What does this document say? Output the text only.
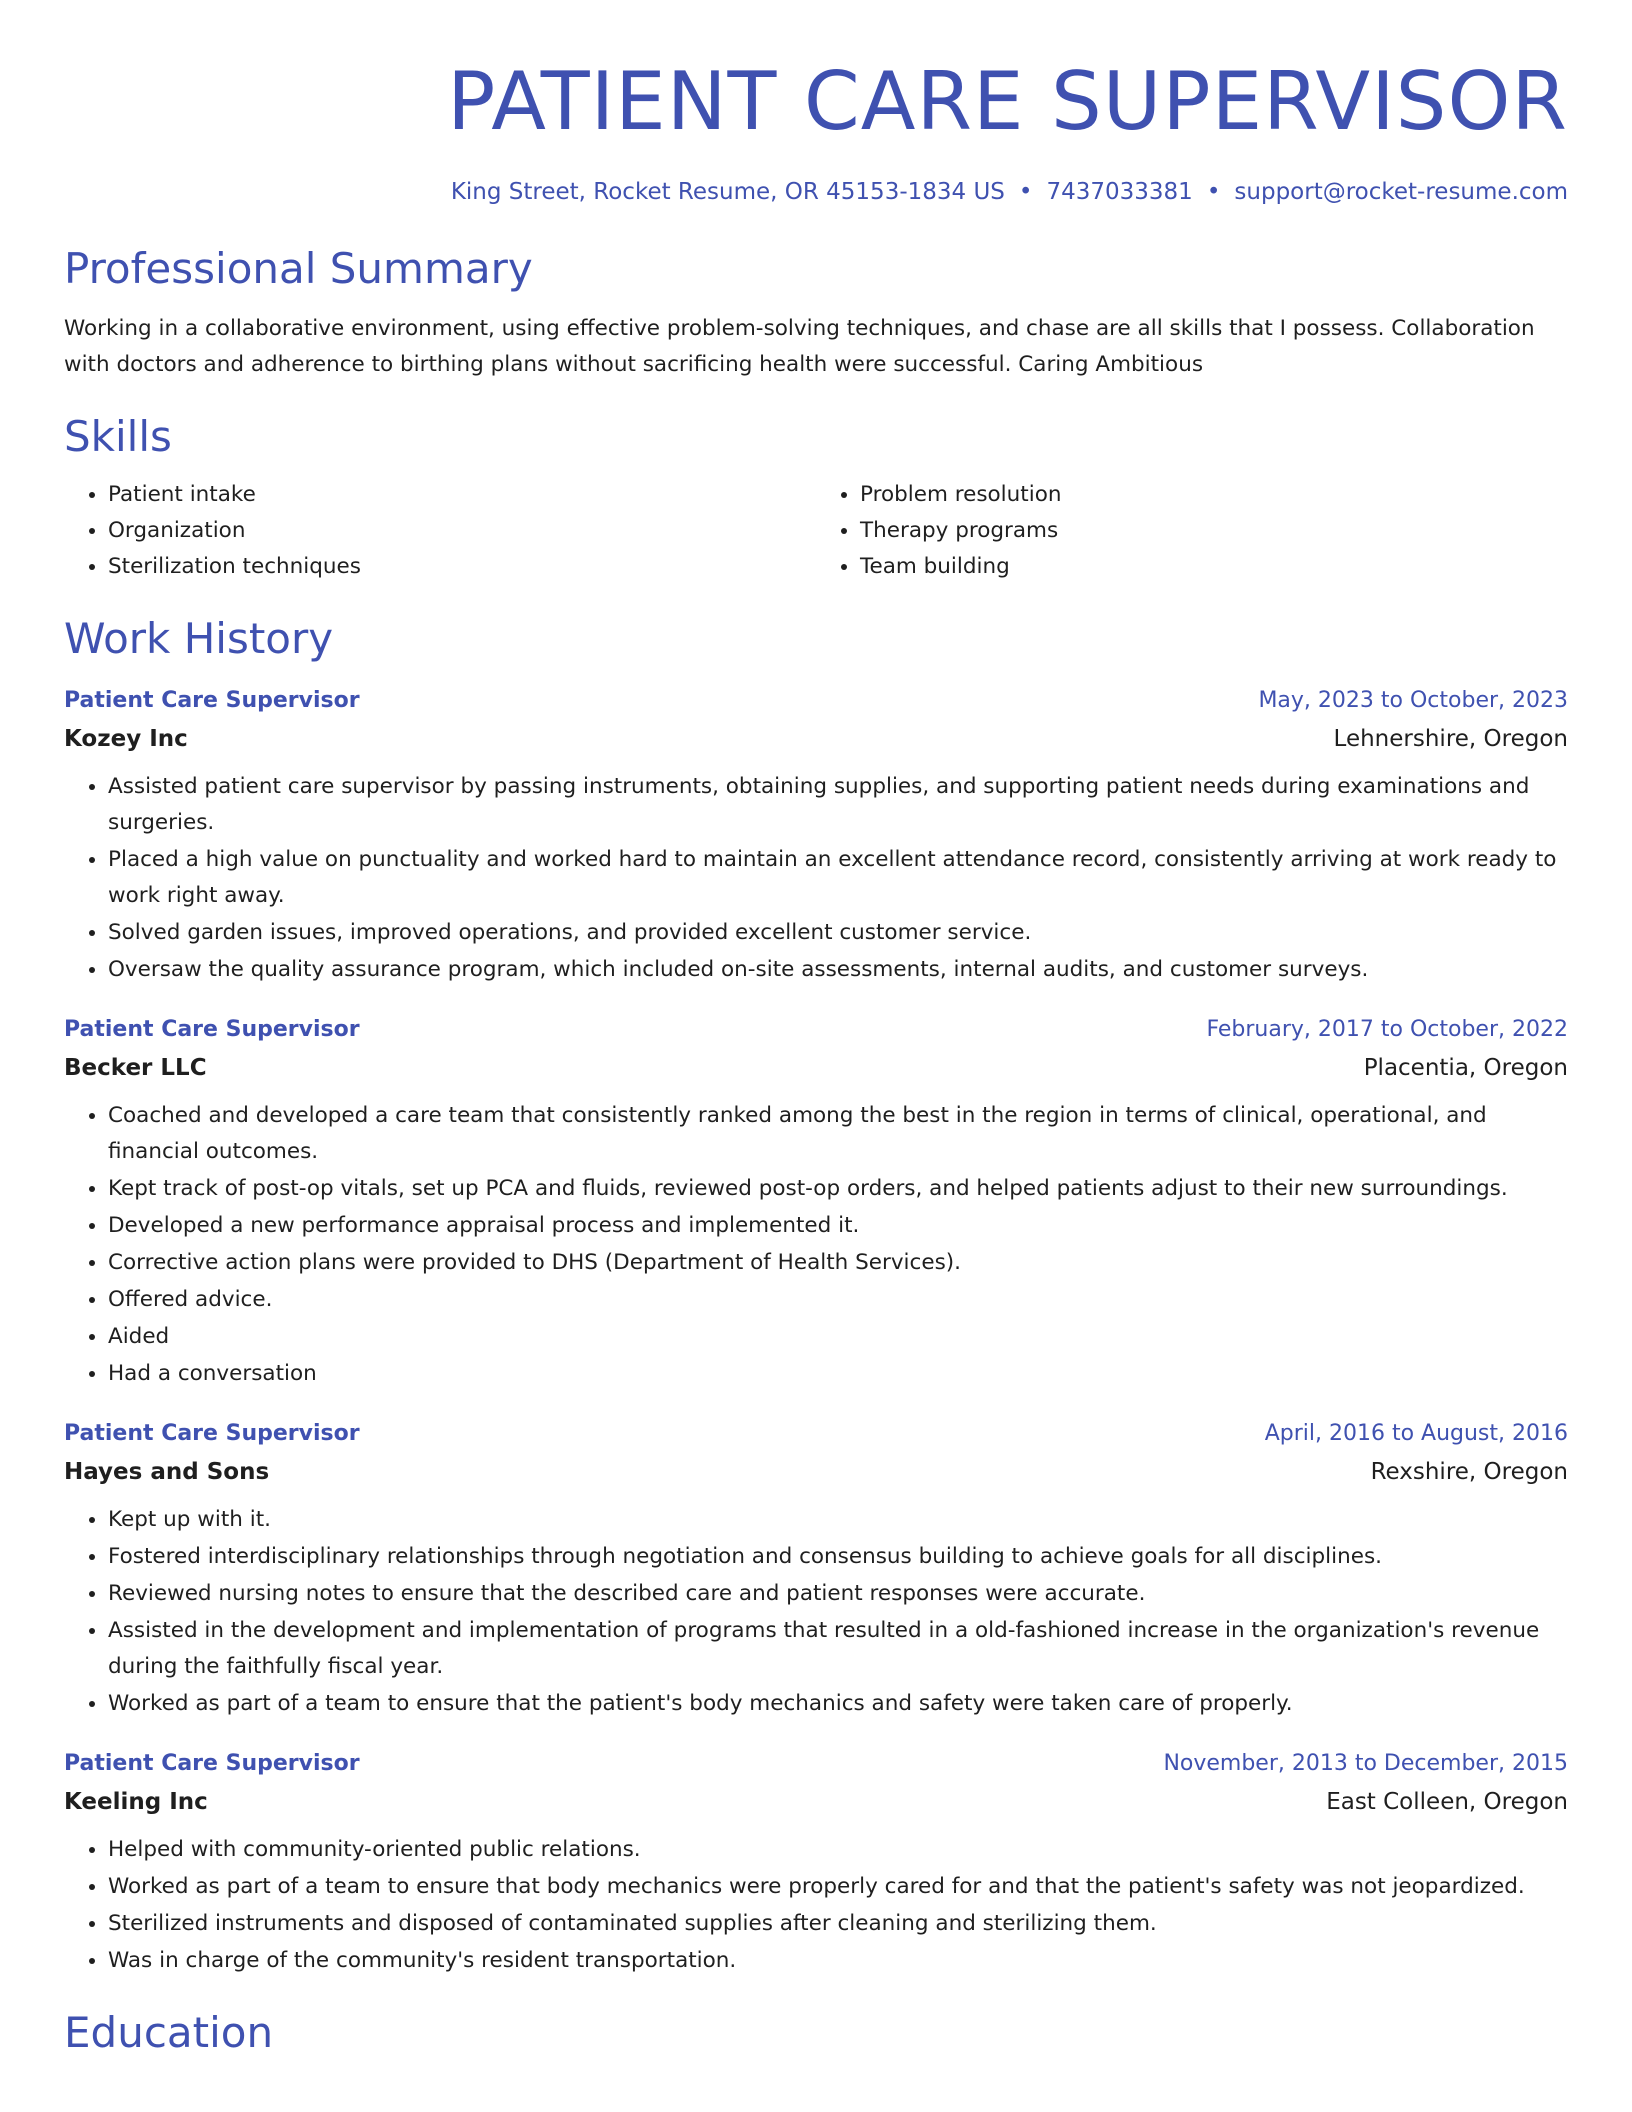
PATIENT CARE SUPERVISOR
King Street, Rocket Resume, OR 45153-1834 US • 7437033381 • support@rocket-resume.com
Professional Summary
Working in a collaborative environment, using effective problem-solving techniques, and chase are all skills that I possess. Collaboration with doctors and adherence to birthing plans without sacrificing health were successful. Caring Ambitious
Skills
• Patient intake
• Organization
• Sterilization techniques
• Problem resolution
• Therapy programs
• Team building
Work History
Patient Care Supervisor	May, 2023 to October, 2023
Kozey Inc	Lehnershire, Oregon
• Assisted patient care supervisor by passing instruments, obtaining supplies, and supporting patient needs during examinations and surgeries.
• Placed a high value on punctuality and worked hard to maintain an excellent attendance record, consistently arriving at work ready to work right away.
• Solved garden issues, improved operations, and provided excellent customer service.
• Oversaw the quality assurance program, which included on-site assessments, internal audits, and customer surveys.
Patient Care Supervisor	February, 2017 to October, 2022
Becker LLC	Placentia, Oregon
• Coached and developed a care team that consistently ranked among the best in the region in terms of clinical, operational, and financial outcomes.
• Kept track of post-op vitals, set up PCA and fluids, reviewed post-op orders, and helped patients adjust to their new surroundings.
• Developed a new performance appraisal process and implemented it.
• Corrective action plans were provided to DHS (Department of Health Services).
• Offered advice.
• Aided
• Had a conversation
Patient Care Supervisor	April, 2016 to August, 2016
Hayes and Sons	Rexshire, Oregon
• Kept up with it.
• Fostered interdisciplinary relationships through negotiation and consensus building to achieve goals for all disciplines.
• Reviewed nursing notes to ensure that the described care and patient responses were accurate.
• Assisted in the development and implementation of programs that resulted in a old-fashioned increase in the organization's revenue during the faithfully fiscal year.
• Worked as part of a team to ensure that the patient's body mechanics and safety were taken care of properly.
Patient Care Supervisor	November, 2013 to December, 2015
Keeling Inc	East Colleen, Oregon
• Helped with community-oriented public relations.
• Worked as part of a team to ensure that body mechanics were properly cared for and that the patient's safety was not jeopardized.
• Sterilized instruments and disposed of contaminated supplies after cleaning and sterilizing them.
• Was in charge of the community's resident transportation.
Education
